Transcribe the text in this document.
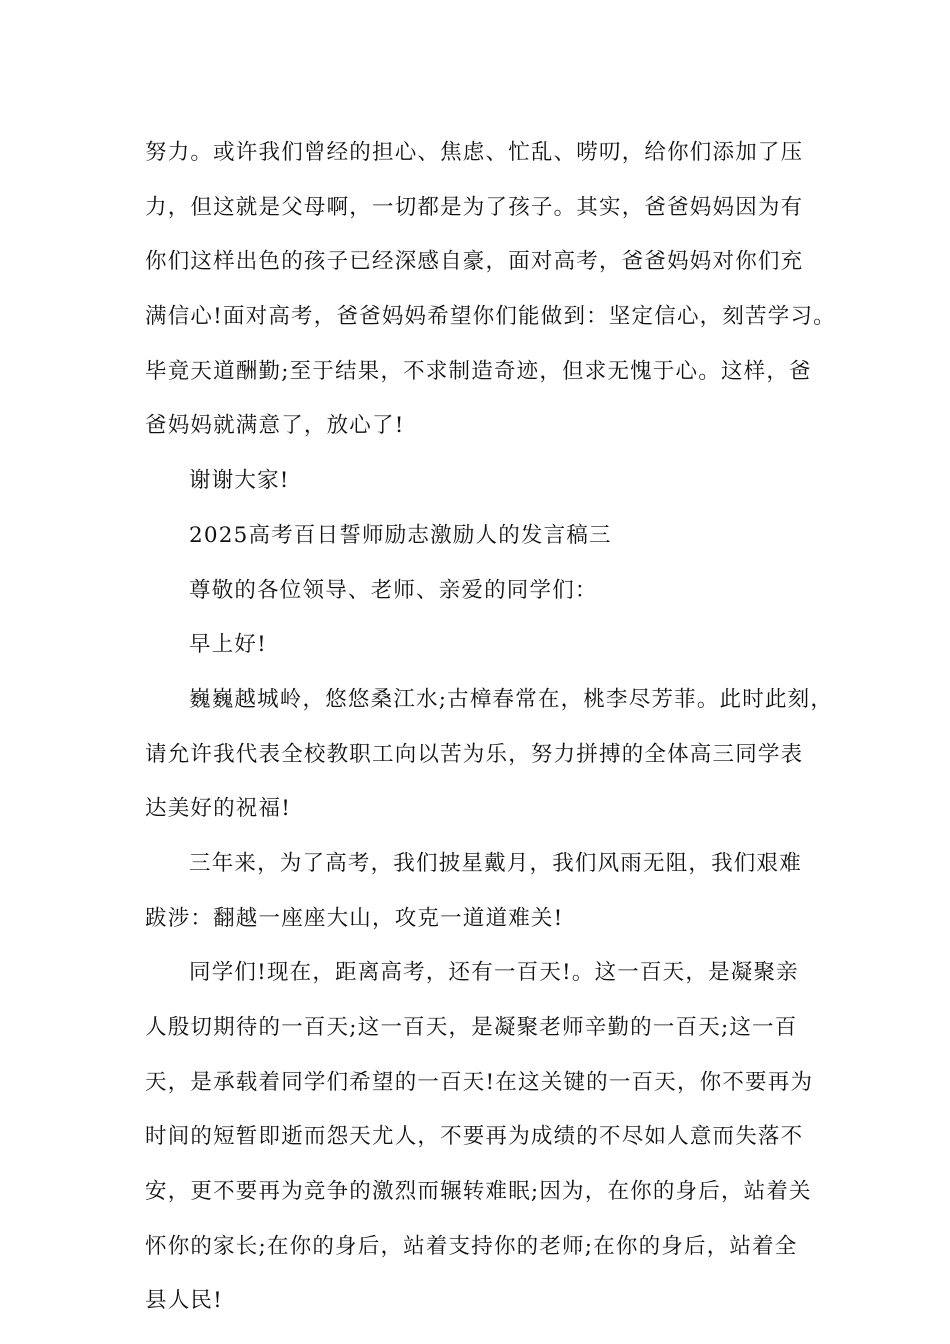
努力。或许我们曾经的担心、焦虑、忙乱、唠叨，给你们添加了压
力，但这就是父母啊，一切都是为了孩子。其实，爸爸妈妈因为有
你们这样出色的孩子已经深感自豪，面对高考，爸爸妈妈对你们充
满信心!面对高考，爸爸妈妈希望你们能做到：坚定信心，刻苦学习。
毕竟天道酬勤;至于结果，不求制造奇迹，但求无愧于心。这样，爸
爸妈妈就满意了，放心了!
谢谢大家!
2025高考百日誓师励志激励人的发言稿三
尊敬的各位领导、老师、亲爱的同学们：
早上好!
巍巍越城岭，悠悠桑江水;古樟春常在，桃李尽芳菲。此时此刻，
请允许我代表全校教职工向以苦为乐，努力拼搏的全体高三同学表
达美好的祝福!
三年来，为了高考，我们披星戴月，我们风雨无阻，我们艰难
跋涉：翻越一座座大山，攻克一道道难关!
同学们!现在，距离高考，还有一百天!。这一百天，是凝聚亲
人殷切期待的一百天;这一百天，是凝聚老师辛勤的一百天;这一百
天，是承载着同学们希望的一百天!在这关键的一百天，你不要再为
时间的短暂即逝而怨天尤人，不要再为成绩的不尽如人意而失落不
安，更不要再为竞争的激烈而辗转难眠;因为，在你的身后，站着关
怀你的家长;在你的身后，站着支持你的老师;在你的身后，站着全
县人民!
